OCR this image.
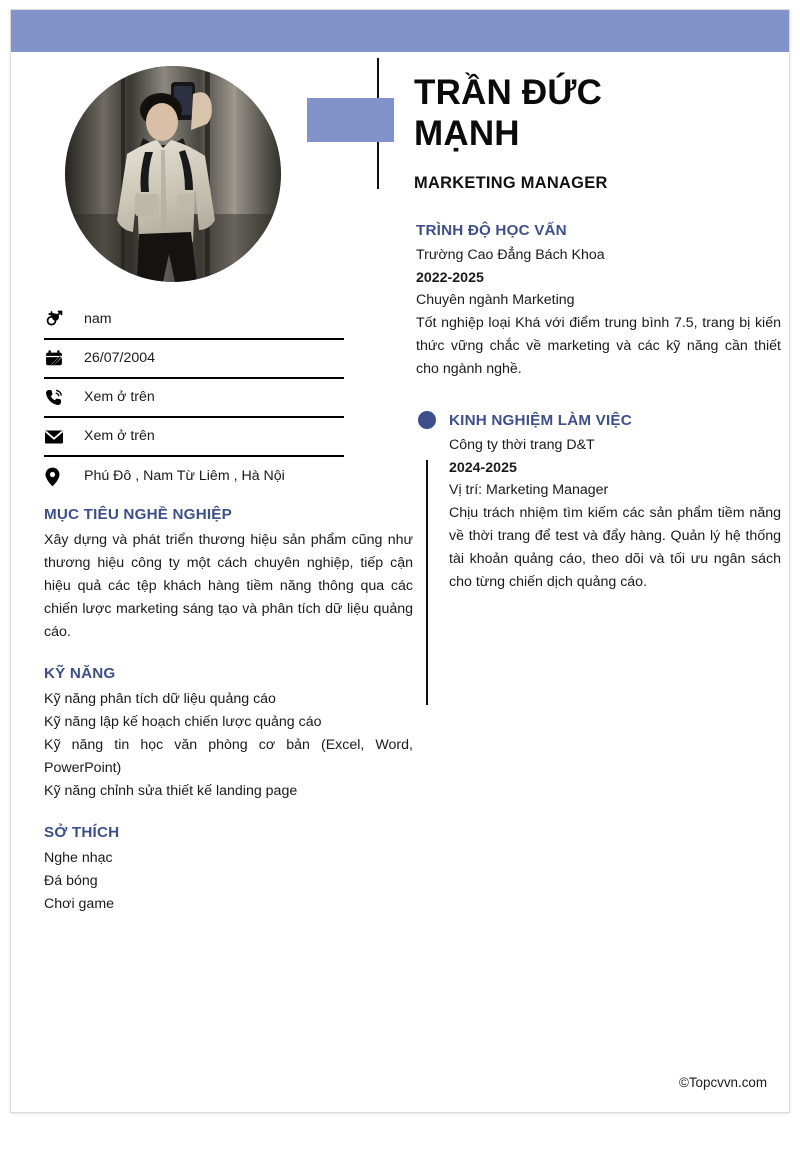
nam
26/07/2004
Xem ở trên
Xem ở trên
Phú Đô , Nam Từ Liêm , Hà Nội
MỤC TIÊU NGHỀ NGHIỆP

Xây dựng và phát triển thương hiệu sản phẩm cũng như thương hiệu công ty một cách chuyên nghiệp, tiếp cận hiệu quả các tệp khách hàng tiềm năng thông qua các chiến lược marketing sáng tạo và phân tích dữ liệu quảng cáo.

KỸ NĂNG

Kỹ năng phân tích dữ liệu quảng cáo

Kỹ năng lập kế hoạch chiến lược quảng cáo

Kỹ năng tin học văn phòng cơ bản (Excel, Word, PowerPoint)

Kỹ năng chỉnh sửa thiết kế landing page

SỞ THÍCH

Nghe nhạc

Đá bóng

Chơi game

TRẦN ĐỨC MẠNH
MARKETING MANAGER
TRÌNH ĐỘ HỌC VẤN

Trường Cao Đẳng Bách Khoa

2022-2025

Chuyên ngành Marketing

Tốt nghiệp loại Khá với điểm trung bình 7.5, trang bị kiến thức vững chắc về marketing và các kỹ năng cần thiết cho ngành nghề.

KINH NGHIỆM LÀM VIỆC

Công ty thời trang D&T

2024-2025

Vị trí: Marketing Manager

Chịu trách nhiệm tìm kiếm các sản phẩm tiềm năng về thời trang để test và đẩy hàng. Quản lý hệ thống tài khoản quảng cáo, theo dõi và tối ưu ngân sách cho từng chiến dịch quảng cáo.

©Topcvvn.com
